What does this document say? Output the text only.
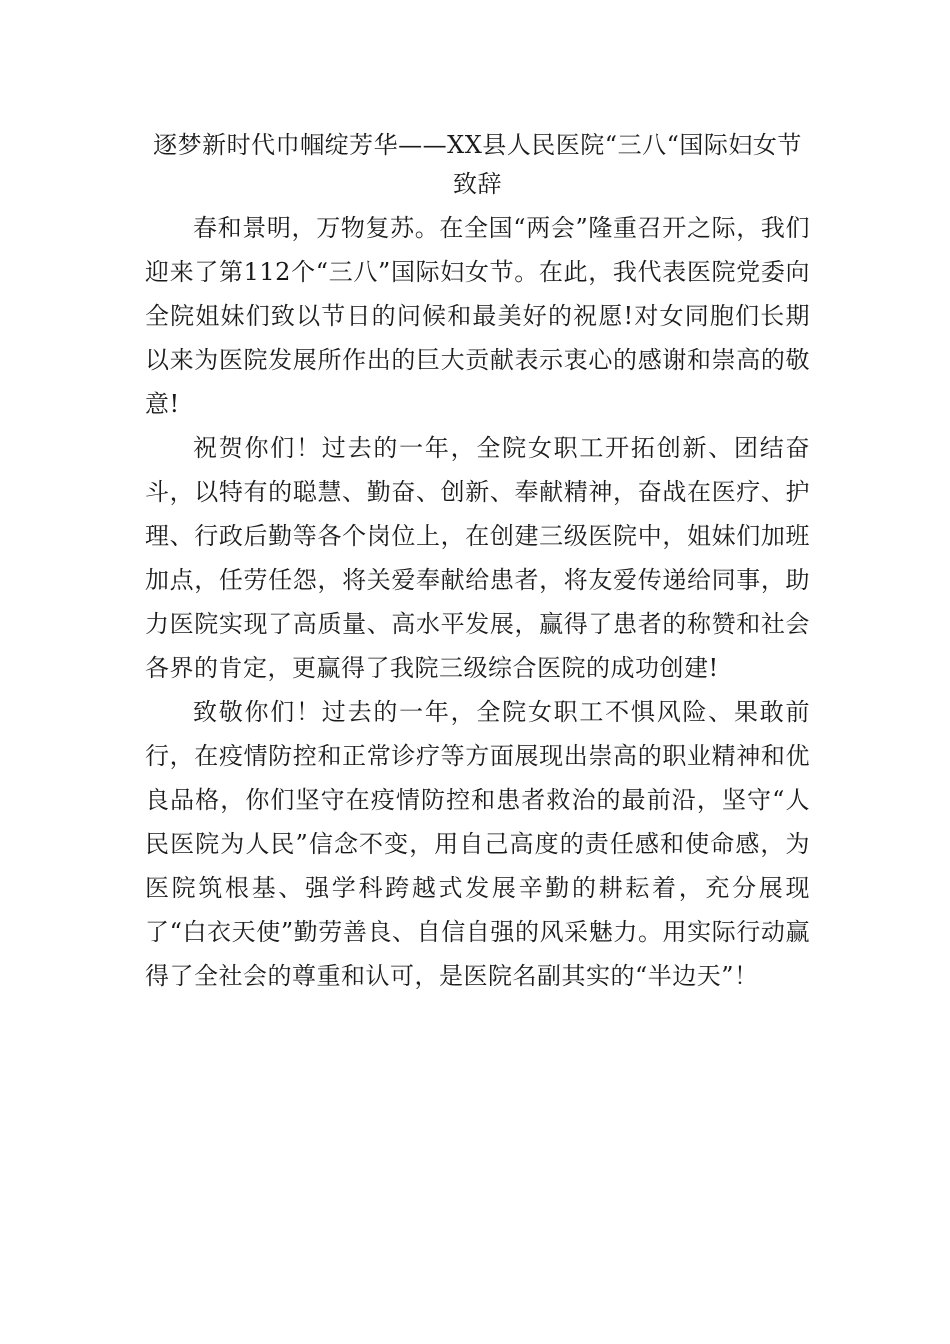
逐梦新时代巾帼绽芳华——XX县人民医院“三八“国际妇女节致辞

春和景明，万物复苏。在全国“两会”隆重召开之际，我们迎来了第112个“三八”国际妇女节。在此，我代表医院党委向全院姐妹们致以节日的问候和最美好的祝愿!对女同胞们长期以来为医院发展所作出的巨大贡献表示衷心的感谢和崇高的敬意!

祝贺你们！过去的一年，全院女职工开拓创新、团结奋斗，以特有的聪慧、勤奋、创新、奉献精神，奋战在医疗、护理、行政后勤等各个岗位上，在创建三级医院中，姐妹们加班加点，任劳任怨，将关爱奉献给患者，将友爱传递给同事，助力医院实现了高质量、高水平发展，赢得了患者的称赞和社会各界的肯定，更赢得了我院三级综合医院的成功创建!

致敬你们！过去的一年，全院女职工不惧风险、果敢前行，在疫情防控和正常诊疗等方面展现出崇高的职业精神和优良品格，你们坚守在疫情防控和患者救治的最前沿，坚守“人民医院为人民”信念不变，用自己高度的责任感和使命感，为医院筑根基、强学科跨越式发展辛勤的耕耘着，充分展现了“白衣天使”勤劳善良、自信自强的风采魅力。用实际行动赢得了全社会的尊重和认可，是医院名副其实的“半边天”！
